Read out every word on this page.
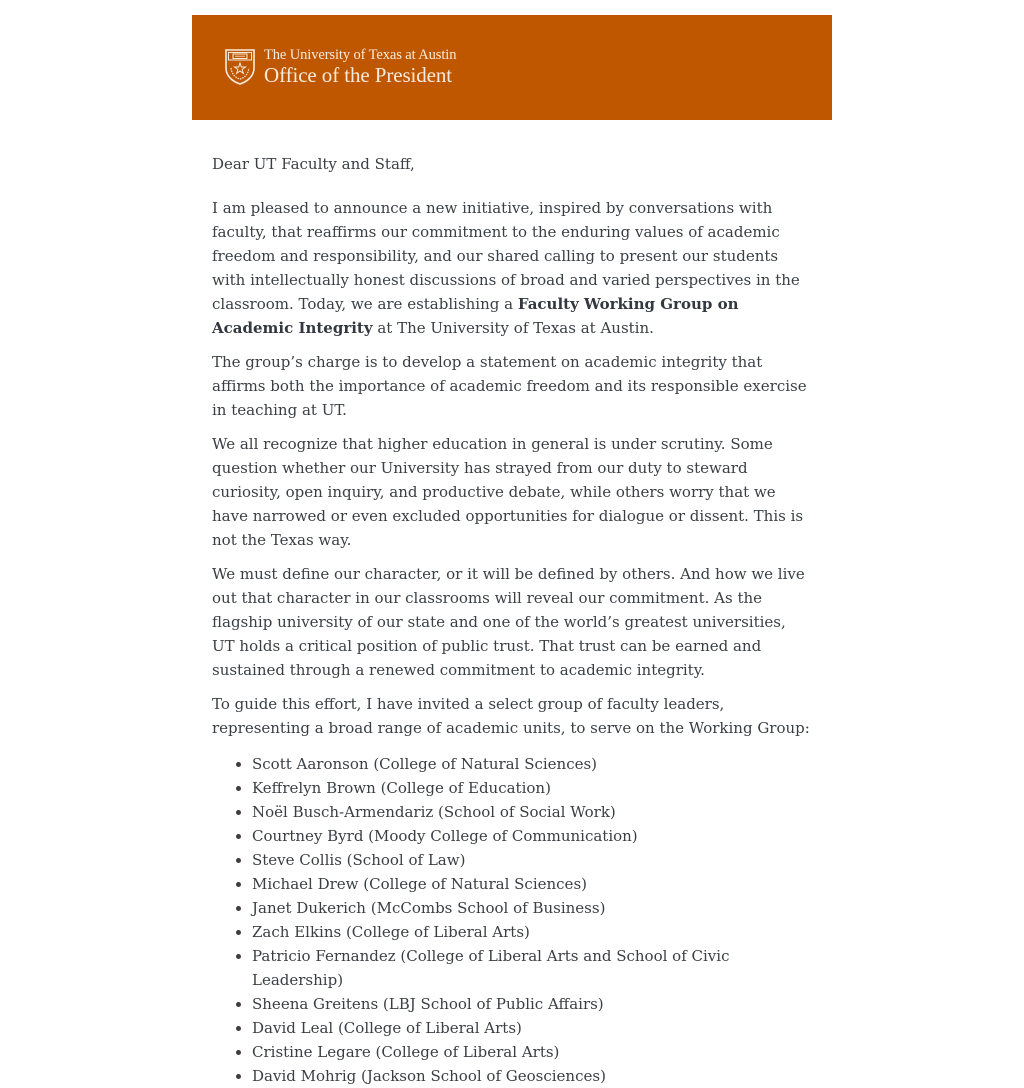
The University of Texas at Austin
Office of the President

Dear UT Faculty and Staff,

I am pleased to announce a new initiative, inspired by conversations with faculty, that reaffirms our commitment to the enduring values of academic freedom and responsibility, and our shared calling to present our students with intellectually honest discussions of broad and varied perspectives in the classroom. Today, we are establishing a Faculty Working Group on Academic Integrity at The University of Texas at Austin.

The group’s charge is to develop a statement on academic integrity that affirms both the importance of academic freedom and its responsible exercise in teaching at UT.

We all recognize that higher education in general is under scrutiny. Some question whether our University has strayed from our duty to steward curiosity, open inquiry, and productive debate, while others worry that we have narrowed or even excluded opportunities for dialogue or dissent. This is not the Texas way.

We must define our character, or it will be defined by others. And how we live out that character in our classrooms will reveal our commitment. As the flagship university of our state and one of the world’s greatest universities, UT holds a critical position of public trust. That trust can be earned and sustained through a renewed commitment to academic integrity.

To guide this effort, I have invited a select group of faculty leaders, representing a broad range of academic units, to serve on the Working Group:

• Scott Aaronson (College of Natural Sciences)
• Keffrelyn Brown (College of Education)
• Noël Busch-Armendariz (School of Social Work)
• Courtney Byrd (Moody College of Communication)
• Steve Collis (School of Law)
• Michael Drew (College of Natural Sciences)
• Janet Dukerich (McCombs School of Business)
• Zach Elkins (College of Liberal Arts)
• Patricio Fernandez (College of Liberal Arts and School of Civic Leadership)
• Sheena Greitens (LBJ School of Public Affairs)
• David Leal (College of Liberal Arts)
• Cristine Legare (College of Liberal Arts)
• David Mohrig (Jackson School of Geosciences)
